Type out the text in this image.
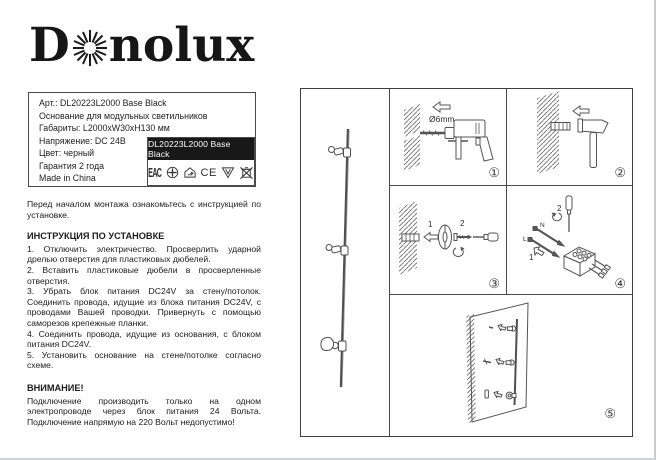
D nolux
Арт.: DL20223L2000 Base Black
Основание для модульных светильников
Габариты: L2000xW30xH130 мм
Напряжение: DC 24В
Цвет: черный
Гарантия 2 года
Made in China
DL20223L2000 Base Black
ЕАС	CE

Перед началом монтажа ознакомьтесь с инструкцией по установке.

ИНСТРУКЦИЯ ПО УСТАНОВКЕ

1. Отключить электричество. Просверлить ударной дрелью отверстия для пластиковых дюбелей.

2. Вставить пластиковые дюбели в просверленные отверстия.

3. Убрать блок питания DC24V за стену/потолок. Соединить провода, идущие из блока питания DC24V, с проводами Вашей проводки. Привернуть с помощью саморезов крепежные планки.

4. Соединить провода, идущие из основания, с блоком питания DC24V.

5. Установить основание на стене/потолке согласно схеме.

ВНИМАНИЕ!

Подключение производить только на одном электропроводе через блок питания 24 Вольта. Подключение напрямую на 220 Вольт недопустимо!

Ø6mm
①	②
1	2
③
2
N
L
1
④
⑤
